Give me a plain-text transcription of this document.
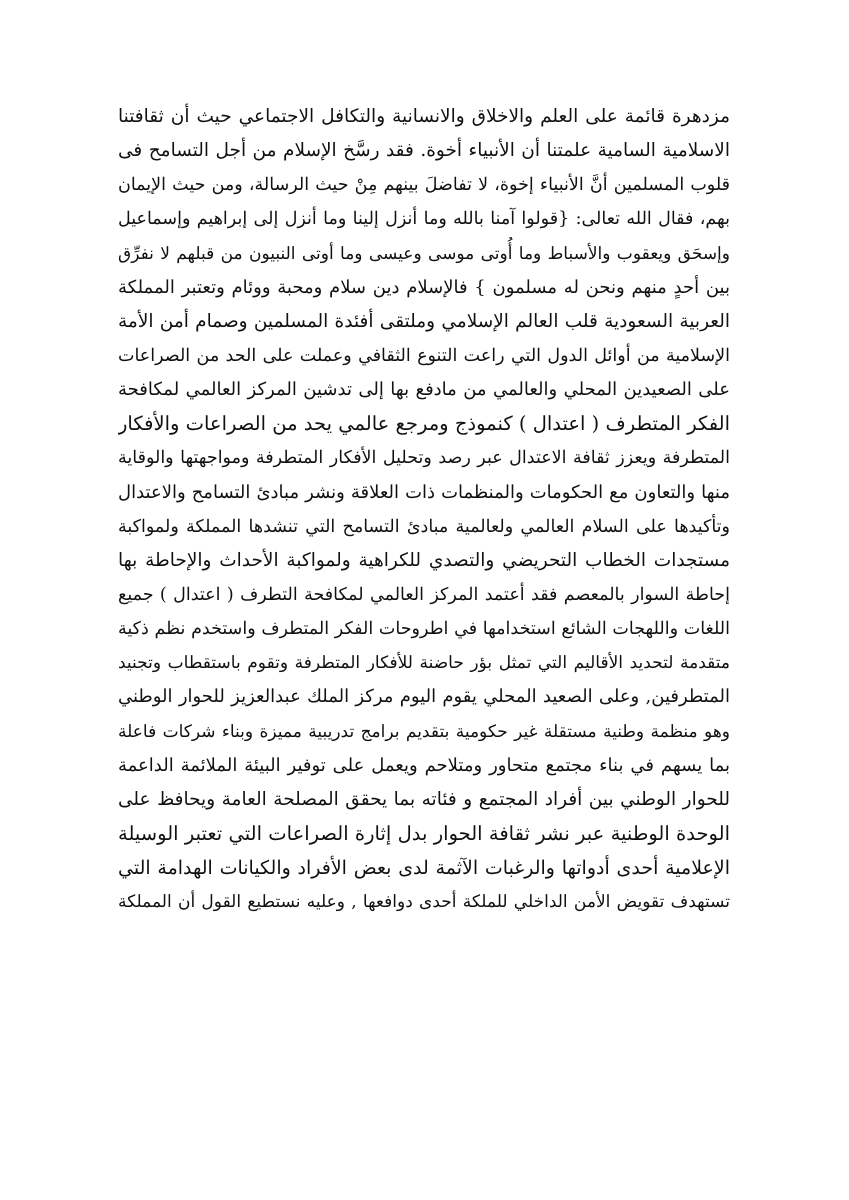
مزدهرة قائمة على العلم والاخلاق والانسانية والتكافل الاجتماعي حيث أن ثقافتنا
الاسلامية السامية علمتنا أن الأنبياء أخوة. فقد رسَّخ الإسلام من أجل التسامح فى
قلوب المسلمين أنَّ الأنبياء إخوة، لا تفاضلَ بينهم مِنْ حيث الرسالة، ومن حيث الإيمان
بهم، فقال الله تعالى: {قولوا آمنا بالله وما أنزل إلينا وما أنزل إلى إبراهيم وإسماعيل
وإسحَق ويعقوب والأسباط وما أُوتى موسى وعيسى وما أوتى النبيون من قبلهم لا نفرِّق
بين أحدٍ منهم ونحن له مسلمون } فالإسلام دين سلام ومحبة ووئام وتعتبر المملكة
العربية السعودية قلب العالم الإسلامي وملتقى أفئدة المسلمين وصمام أمن الأمة
الإسلامية من أوائل الدول التي راعت التنوع الثقافي وعملت على الحد من الصراعات
على الصعيدين المحلي والعالمي من مادفع بها إلى تدشين المركز العالمي لمكافحة
الفكر المتطرف ( اعتدال ) كنموذج ومرجع عالمي يحد من الصراعات والأفكار
المتطرفة ويعزز ثقافة الاعتدال عبر رصد وتحليل الأفكار المتطرفة ومواجهتها والوقاية
منها والتعاون مع الحكومات والمنظمات ذات العلاقة ونشر مبادئ التسامح والاعتدال
وتأكيدها على السلام العالمي ولعالمية مبادئ التسامح التي تنشدها المملكة ولمواكبة
مستجدات الخطاب التحريضي والتصدي للكراهية ولمواكبة الأحداث والإحاطة بها
إحاطة السوار بالمعصم فقد أعتمد المركز العالمي لمكافحة التطرف ( اعتدال ) جميع
اللغات واللهجات الشائع استخدامها في اطروحات الفكر المتطرف واستخدم نظم ذكية
متقدمة لتحديد الأقاليم التي تمثل بؤر حاضنة للأفكار المتطرفة وتقوم باستقطاب وتجنيد
المتطرفين, وعلى الصعيد المحلي يقوم اليوم مركز الملك عبدالعزيز للحوار الوطني
وهو منظمة وطنية مستقلة غير حكومية بتقديم برامج تدريبية مميزة وبناء شركات فاعلة
بما يسهم في بناء مجتمع متحاور ومتلاحم ويعمل على توفير البيئة الملائمة الداعمة
للحوار الوطني بين أفراد المجتمع و فئاته بما يحقق المصلحة العامة ويحافظ على
الوحدة الوطنية عبر نشر ثقافة الحوار بدل إثارة الصراعات التي تعتبر الوسيلة
الإعلامية أحدى أدواتها والرغبات الآثمة لدى بعض الأفراد والكيانات الهدامة التي
تستهدف تقويض الأمن الداخلي للملكة أحدى دوافعها , وعليه نستطيع القول أن المملكة
